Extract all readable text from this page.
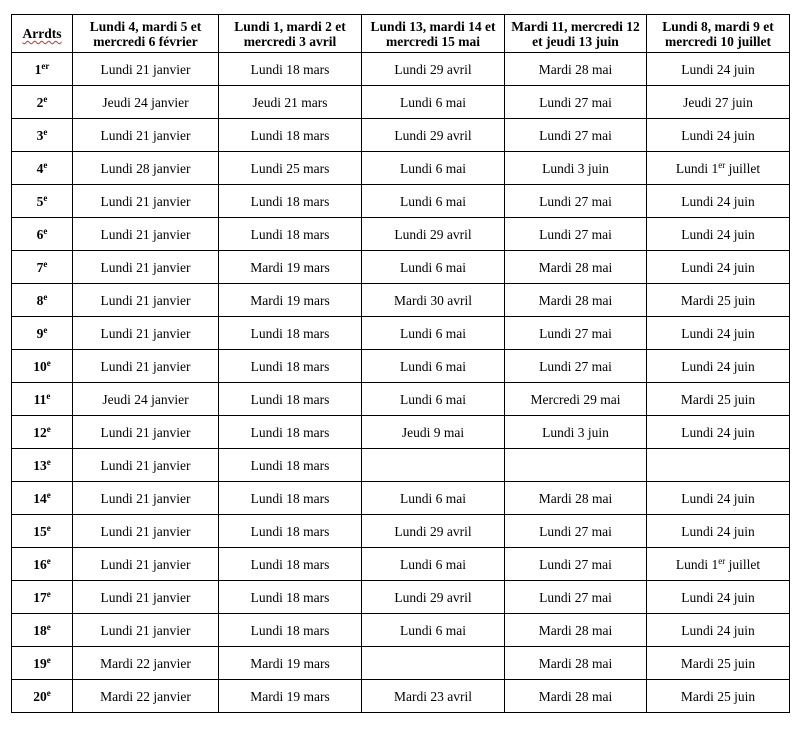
Arrdts	Lundi 4, mardi 5 et mercredi 6 février	Lundi 1, mardi 2 et mercredi 3 avril	Lundi 13, mardi 14 et mercredi 15 mai	Mardi 11, mercredi 12 et jeudi 13 juin	Lundi 8, mardi 9 et mercredi 10 juillet
1er	Lundi 21 janvier	Lundi 18 mars	Lundi 29 avril	Mardi 28 mai	Lundi 24 juin
2e	Jeudi 24 janvier	Jeudi 21 mars	Lundi 6 mai	Lundi 27 mai	Jeudi 27 juin
3e	Lundi 21 janvier	Lundi 18 mars	Lundi 29 avril	Lundi 27 mai	Lundi 24 juin
4e	Lundi 28 janvier	Lundi 25 mars	Lundi 6 mai	Lundi 3 juin	Lundi 1er juillet
5e	Lundi 21 janvier	Lundi 18 mars	Lundi 6 mai	Lundi 27 mai	Lundi 24 juin
6e	Lundi 21 janvier	Lundi 18 mars	Lundi 29 avril	Lundi 27 mai	Lundi 24 juin
7e	Lundi 21 janvier	Mardi 19 mars	Lundi 6 mai	Mardi 28 mai	Lundi 24 juin
8e	Lundi 21 janvier	Mardi 19 mars	Mardi 30 avril	Mardi 28 mai	Mardi 25 juin
9e	Lundi 21 janvier	Lundi 18 mars	Lundi 6 mai	Lundi 27 mai	Lundi 24 juin
10e	Lundi 21 janvier	Lundi 18 mars	Lundi 6 mai	Lundi 27 mai	Lundi 24 juin
11e	Jeudi 24 janvier	Lundi 18 mars	Lundi 6 mai	Mercredi 29 mai	Mardi 25 juin
12e	Lundi 21 janvier	Lundi 18 mars	Jeudi 9 mai	Lundi 3 juin	Lundi 24 juin
13e	Lundi 21 janvier	Lundi 18 mars			
14e	Lundi 21 janvier	Lundi 18 mars	Lundi 6 mai	Mardi 28 mai	Lundi 24 juin
15e	Lundi 21 janvier	Lundi 18 mars	Lundi 29 avril	Lundi 27 mai	Lundi 24 juin
16e	Lundi 21 janvier	Lundi 18 mars	Lundi 6 mai	Lundi 27 mai	Lundi 1er juillet
17e	Lundi 21 janvier	Lundi 18 mars	Lundi 29 avril	Lundi 27 mai	Lundi 24 juin
18e	Lundi 21 janvier	Lundi 18 mars	Lundi 6 mai	Mardi 28 mai	Lundi 24 juin
19e	Mardi 22 janvier	Mardi 19 mars		Mardi 28 mai	Mardi 25 juin
20e	Mardi 22 janvier	Mardi 19 mars	Mardi 23 avril	Mardi 28 mai	Mardi 25 juin
